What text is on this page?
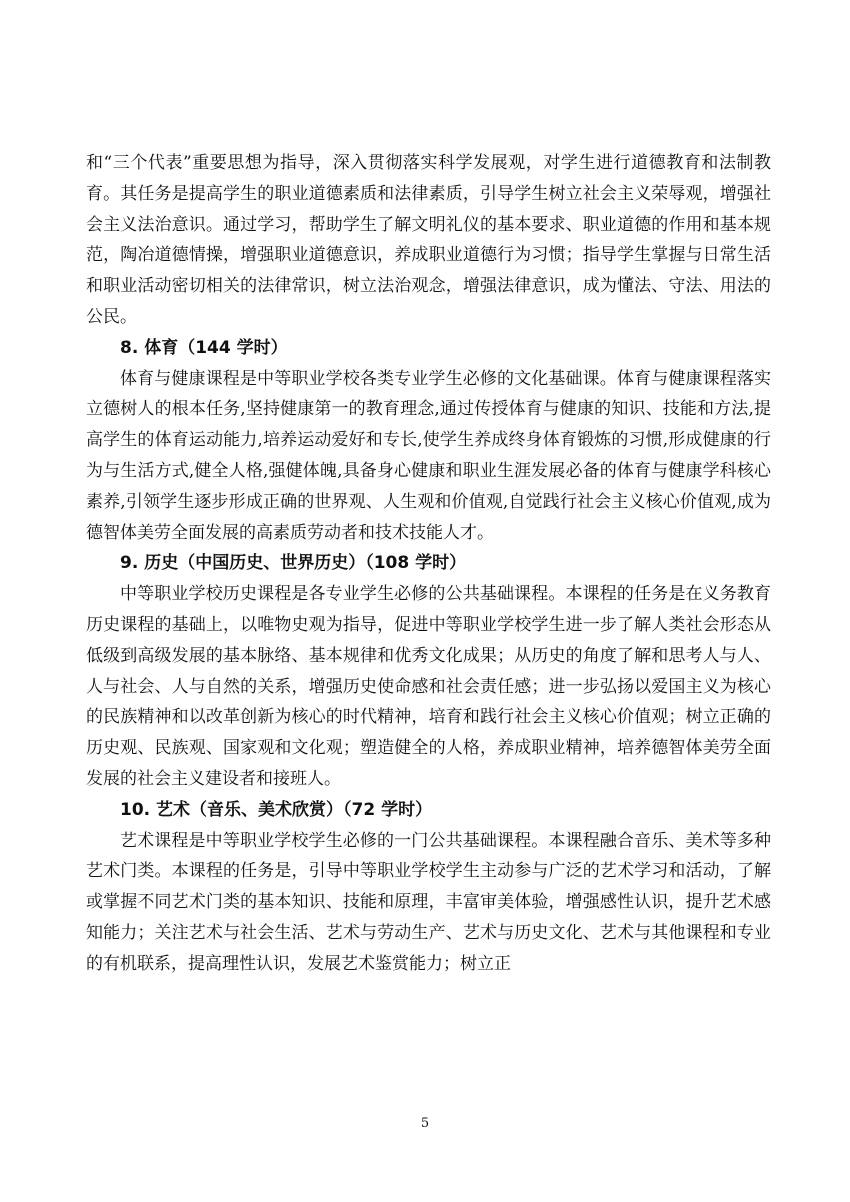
和“三个代表”重要思想为指导，深入贯彻落实科学发展观，对学生进行道德教育和法制教育。其任务是提高学生的职业道德素质和法律素质，引导学生树立社会主义荣辱观，增强社会主义法治意识。通过学习，帮助学生了解文明礼仪的基本要求、职业道德的作用和基本规范，陶冶道德情操，增强职业道德意识，养成职业道德行为习惯；指导学生掌握与日常生活和职业活动密切相关的法律常识，树立法治观念，增强法律意识，成为懂法、守法、用法的公民。

8. 体育（144 学时）

体育与健康课程是中等职业学校各类专业学生必修的文化基础课。体育与健康课程落实立德树人的根本任务,坚持健康第一的教育理念,通过传授体育与健康的知识、技能和方法,提高学生的体育运动能力,培养运动爱好和专长,使学生养成终身体育锻炼的习惯,形成健康的行为与生活方式,健全人格,强健体魄,具备身心健康和职业生涯发展必备的体育与健康学科核心素养,引领学生逐步形成正确的世界观、人生观和价值观,自觉践行社会主义核心价值观,成为德智体美劳全面发展的高素质劳动者和技术技能人才。

9. 历史（中国历史、世界历史）（108 学时）

中等职业学校历史课程是各专业学生必修的公共基础课程。本课程的任务是在义务教育历史课程的基础上，以唯物史观为指导，促进中等职业学校学生进一步了解人类社会形态从低级到高级发展的基本脉络、基本规律和优秀文化成果；从历史的角度了解和思考人与人、人与社会、人与自然的关系，增强历史使命感和社会责任感；进一步弘扬以爱国主义为核心的民族精神和以改革创新为核心的时代精神，培育和践行社会主义核心价值观；树立正确的历史观、民族观、国家观和文化观；塑造健全的人格，养成职业精神，培养德智体美劳全面发展的社会主义建设者和接班人。

10. 艺术（音乐、美术欣赏）（72 学时）

艺术课程是中等职业学校学生必修的一门公共基础课程。本课程融合音乐、美术等多种艺术门类。本课程的任务是，引导中等职业学校学生主动参与广泛的艺术学习和活动，了解或掌握不同艺术门类的基本知识、技能和原理，丰富审美体验，增强感性认识，提升艺术感知能力；关注艺术与社会生活、艺术与劳动生产、艺术与历史文化、艺术与其他课程和专业的有机联系，提高理性认识，发展艺术鉴赏能力；树立正

5
